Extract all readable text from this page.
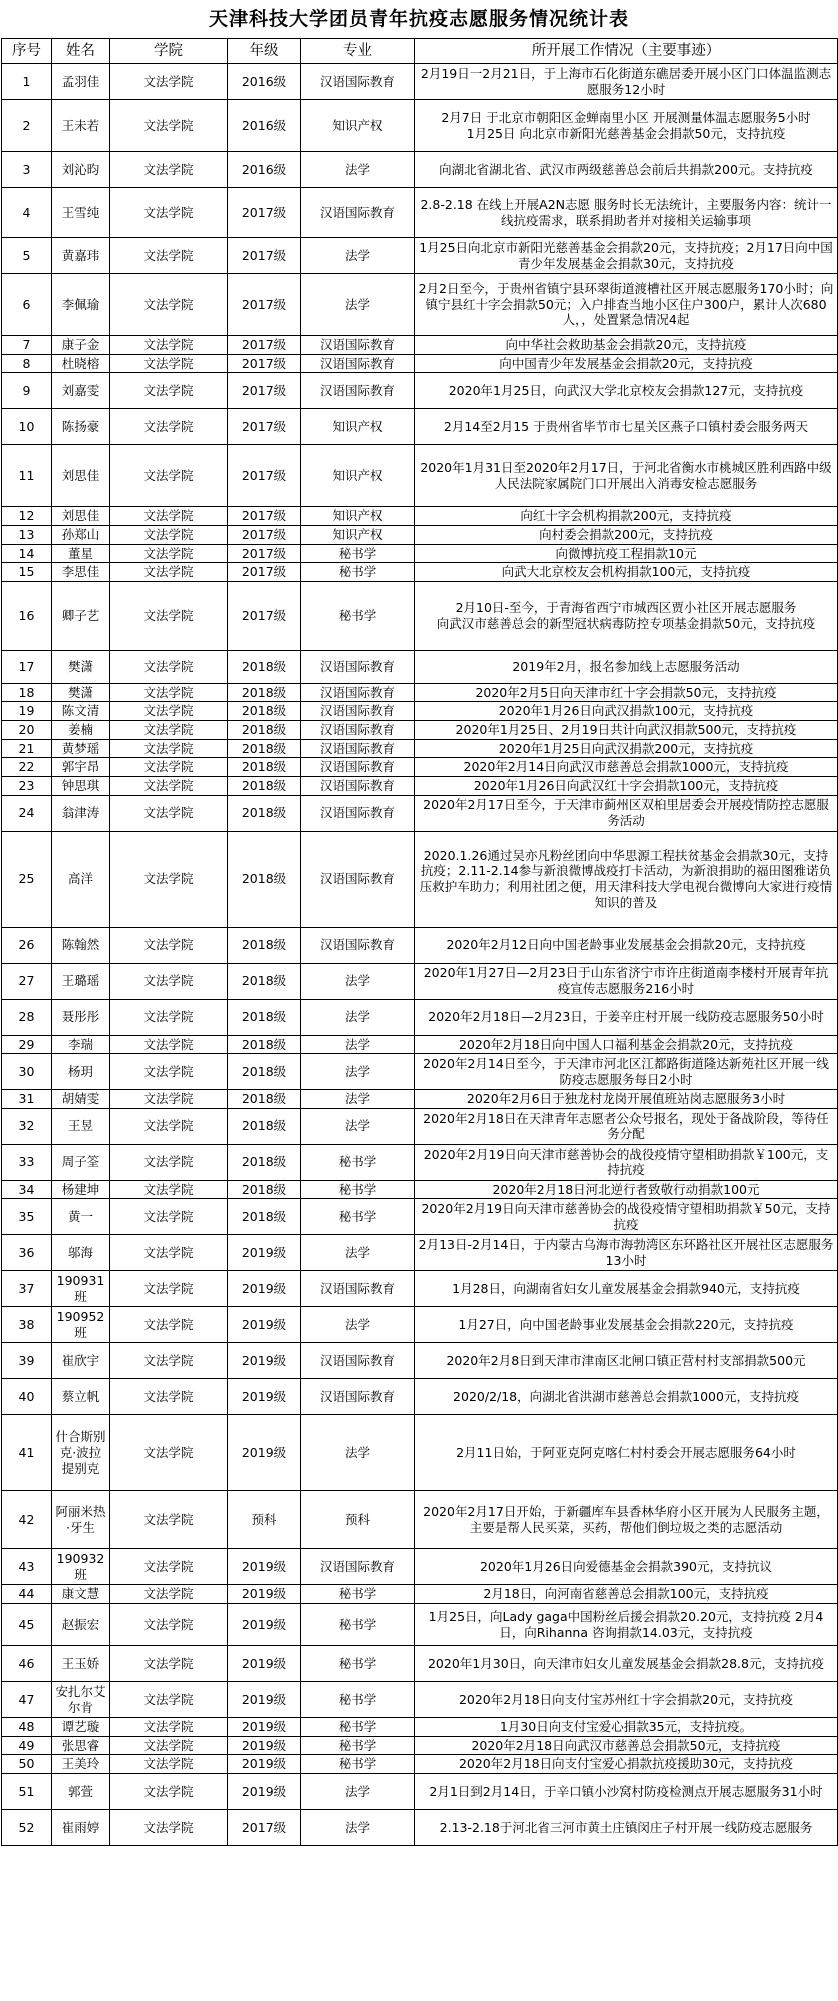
天津科技大学团员青年抗疫志愿服务情况统计表
序号	姓名	学院	年级	专业	所开展工作情况（主要事迹）
1	孟羽佳	文法学院	2016级	汉语国际教育	2月19日一2月21日，于上海市石化街道东礁居委开展小区门口体温监测志愿服务12小时

2	王未若	文法学院	2016级	知识产权	2月7日 于北京市朝阳区金蝉南里小区 开展测量体温志愿服务5小时
1月25日 向北京市新阳光慈善基金会捐款50元，支持抗疫

3	刘沁昀	文法学院	2016级	法学	向湖北省湖北省、武汉市两级慈善总会前后共捐款200元。支持抗疫

4	王雪纯	文法学院	2017级	汉语国际教育	2.8-2.18 在线上开展A2N志愿 服务时长无法统计，主要服务内容：统计一线抗疫需求，联系捐助者并对接相关运输事项

5	黄嘉玮	文法学院	2017级	法学	1月25日向北京市新阳光慈善基金会捐款20元，支持抗疫；2月17日向中国青少年发展基金会捐款30元，支持抗疫

6	李佩瑜	文法学院	2017级	法学	2月2日至今，于贵州省镇宁县环翠街道渡槽社区开展志愿服务170小时；向镇宁县红十字会捐款50元；入户排查当地小区住户300户，累计人次680人，，处置紧急情况4起

7	康子金	文法学院	2017级	汉语国际教育	向中华社会救助基金会捐款20元，支持抗疫

8	杜晓榕	文法学院	2017级	汉语国际教育	向中国青少年发展基金会捐款20元，支持抗疫

9	刘嘉雯	文法学院	2017级	汉语国际教育	2020年1月25日，向武汉大学北京校友会捐款127元，支持抗疫

10	陈扬豪	文法学院	2017级	知识产权	2月14至2月15 于贵州省毕节市七星关区燕子口镇村委会服务两天

11	刘思佳	文法学院	2017级	知识产权	2020年1月31日至2020年2月17日，于河北省衡水市桃城区胜利西路中级人民法院家属院门口开展出入消毒安检志愿服务

12	刘思佳	文法学院	2017级	知识产权	向红十字会机构捐款200元，支持抗疫

13	孙郑山	文法学院	2017级	知识产权	向村委会捐款200元，支持抗疫

14	董星	文法学院	2017级	秘书学	向微博抗疫工程捐款10元

15	李思佳	文法学院	2017级	秘书学	向武大北京校友会机构捐款100元，支持抗疫

16	卿子艺	文法学院	2017级	秘书学	2月10日-至今，于青海省西宁市城西区贾小社区开展志愿服务
向武汉市慈善总会的新型冠状病毒防控专项基金捐款50元，支持抗疫

17	樊潇	文法学院	2018级	汉语国际教育	2019年2月，报名参加线上志愿服务活动

18	樊潇	文法学院	2018级	汉语国际教育	2020年2月5日向天津市红十字会捐款50元，支持抗疫

19	陈文清	文法学院	2018级	汉语国际教育	2020年1月26日向武汉捐款100元，支持抗疫

20	姜楠	文法学院	2018级	汉语国际教育	2020年1月25日、2月19日共计向武汉捐款500元，支持抗疫

21	黄梦瑶	文法学院	2018级	汉语国际教育	2020年1月25日向武汉捐款200元，支持抗疫

22	郭宇昂	文法学院	2018级	汉语国际教育	2020年2月14日向武汉市慈善总会捐款1000元，支持抗疫

23	钟思琪	文法学院	2018级	汉语国际教育	2020年1月26日向武汉红十字会捐款100元，支持抗疫

24	翁津涛	文法学院	2018级	汉语国际教育	2020年2月17日至今，于天津市蓟州区双桕里居委会开展疫情防控志愿服务活动

25	高洋	文法学院	2018级	汉语国际教育	2020.1.26通过吴亦凡粉丝团向中华思源工程扶贫基金会捐款30元，支持抗疫；2.11-2.14参与新浪微博战疫打卡活动，为新浪捐助的福田图雅诺负压救护车助力；利用社团之便，用天津科技大学电视台微博向大家进行疫情知识的普及

26	陈翰然	文法学院	2018级	汉语国际教育	2020年2月12日向中国老龄事业发展基金会捐款20元，支持抗疫

27	王璐瑶	文法学院	2018级	法学	2020年1月27日—2月23日于山东省济宁市许庄街道南李楼村开展青年抗疫宣传志愿服务216小时

28	聂彤彤	文法学院	2018级	法学	2020年2月18日—2月23日，于姜辛庄村开展一线防疫志愿服务50小时

29	李瑞	文法学院	2018级	法学	2020年2月18日向中国人口福利基金会捐款20元，支持抗疫

30	杨玥	文法学院	2018级	法学	2020年2月14日至今，于天津市河北区江都路街道隆达新苑社区开展一线防疫志愿服务每日2小时

31	胡婧雯	文法学院	2018级	法学	2020年2月6日于独龙村龙岗开展值班站岗志愿服务3小时

32	王昱	文法学院	2018级	法学	2020年2月18日在天津青年志愿者公众号报名，现处于备战阶段，等待任务分配

33	周子筌	文法学院	2018级	秘书学	2020年2月19日向天津市慈善协会的战役疫情守望相助捐款￥100元，支持抗疫

34	杨建坤	文法学院	2018级	秘书学	2020年2月18日河北逆行者致敬行动捐款100元

35	黄一	文法学院	2018级	秘书学	2020年2月19日向天津市慈善协会的战役疫情守望相助捐款￥50元，支持抗疫

36	邬海	文法学院	2019级	法学	2月13日-2月14日，于内蒙古乌海市海勃湾区东环路社区开展社区志愿服务13小时

37	190931班	文法学院	2019级	汉语国际教育	1月28日，向湖南省妇女儿童发展基金会捐款940元，支持抗疫

38	190952班	文法学院	2019级	法学	1月27日，向中国老龄事业发展基金会捐款220元，支持抗疫

39	崔欣宇	文法学院	2019级	汉语国际教育	2020年2月8日到天津市津南区北闸口镇正营村村支部捐款500元

40	蔡立帆	文法学院	2019级	汉语国际教育	2020/2/18，向湖北省洪湖市慈善总会捐款1000元，支持抗疫

41	什合斯别克·波拉提别克	文法学院	2019级	法学	2月11日始，于阿亚克阿克喀仁村村委会开展志愿服务64小时

42	阿丽米热·牙生	文法学院	预科	预科	2020年2月17日开始，于新疆库车县香林华府小区开展为人民服务主题，主要是帮人民买菜，买药，帮他们倒垃圾之类的志愿活动

43	190932班	文法学院	2019级	汉语国际教育	2020年1月26日向爱德基金会捐款390元，支持抗议

44	康文慧	文法学院	2019级	秘书学	2月18日，向河南省慈善总会捐款100元，支持抗疫

45	赵振宏	文法学院	2019级	秘书学	1月25日，向Lady gaga中国粉丝后援会捐款20.20元，支持抗疫 2月4日，向Rihanna 咨询捐款14.03元，支持抗疫

46	王玉娇	文法学院	2019级	秘书学	2020年1月30日，向天津市妇女儿童发展基金会捐款28.8元，支持抗疫

47	安扎尔艾尔肯	文法学院	2019级	秘书学	2020年2月18日向支付宝苏州红十字会捐款20元，支持抗疫

48	谭艺璇	文法学院	2019级	秘书学	1月30日向支付宝爱心捐款35元，支持抗疫。

49	张思睿	文法学院	2019级	秘书学	2020年2月18日向武汉市慈善总会捐款50元，支持抗疫

50	王美玲	文法学院	2019级	秘书学	2020年2月18日向支付宝爱心捐款抗疫援助30元，支持抗疫

51	郭萱	文法学院	2019级	法学	2月1日到2月14日，于辛口镇小沙窝村防疫检测点开展志愿服务31小时

52	崔雨婷	文法学院	2017级	法学	2.13-2.18于河北省三河市黄土庄镇闵庄子村开展一线防疫志愿服务
